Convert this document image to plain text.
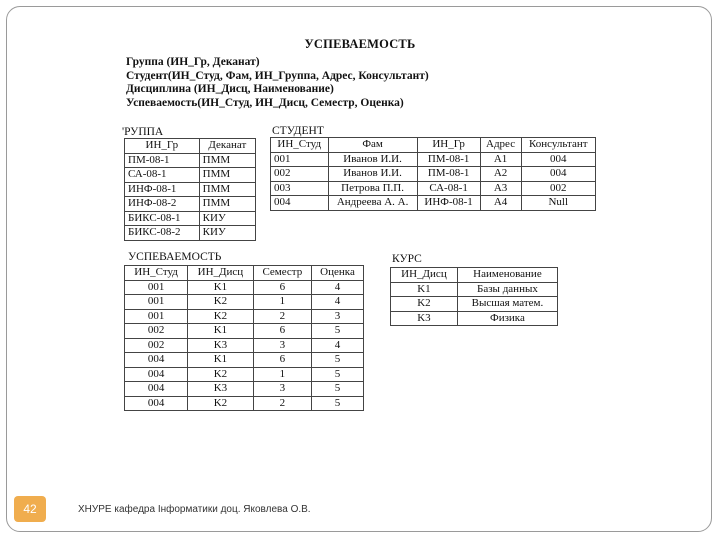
УСПЕВАЕМОСТЬ
Группа (ИН_Гр, Деканат)
Студент(ИН_Студ, Фам, ИН_Группа, Адрес, Консультант)
Дисциплина (ИН_Дисц, Наименование)
Успеваемость(ИН_Студ, ИН_Дисц, Семестр, Оценка)
'РУППА
ИН_Гр	Деканат
ПМ-08-1	ПММ
СА-08-1	ПММ
ИНФ-08-1	ПММ
ИНФ-08-2	ПММ
БИКС-08-1	КИУ
БИКС-08-2	КИУ
СТУДЕНТ
ИН_Студ	Фам	ИН_Гр	Адрес	Консультант
001	Иванов И.И.	ПМ-08-1	A1	004
002	Иванов И.И.	ПМ-08-1	A2	004
003	Петрова П.П.	СА-08-1	A3	002
004	Андреева А. А.	ИНФ-08-1	A4	Null
УСПЕВАЕМОСТЬ
ИН_Студ	ИН_Дисц	Семестр	Оценка
001	K1	6	4
001	K2	1	4
001	K2	2	3
002	K1	6	5
002	K3	3	4
004	K1	6	5
004	K2	1	5
004	K3	3	5
004	K2	2	5
КУРС
ИН_Дисц	Наименование
K1	Базы данных
K2	Высшая матем.
K3	Физика
42	ХНУРЕ кафедра Інформатики доц. Яковлева О.В.
